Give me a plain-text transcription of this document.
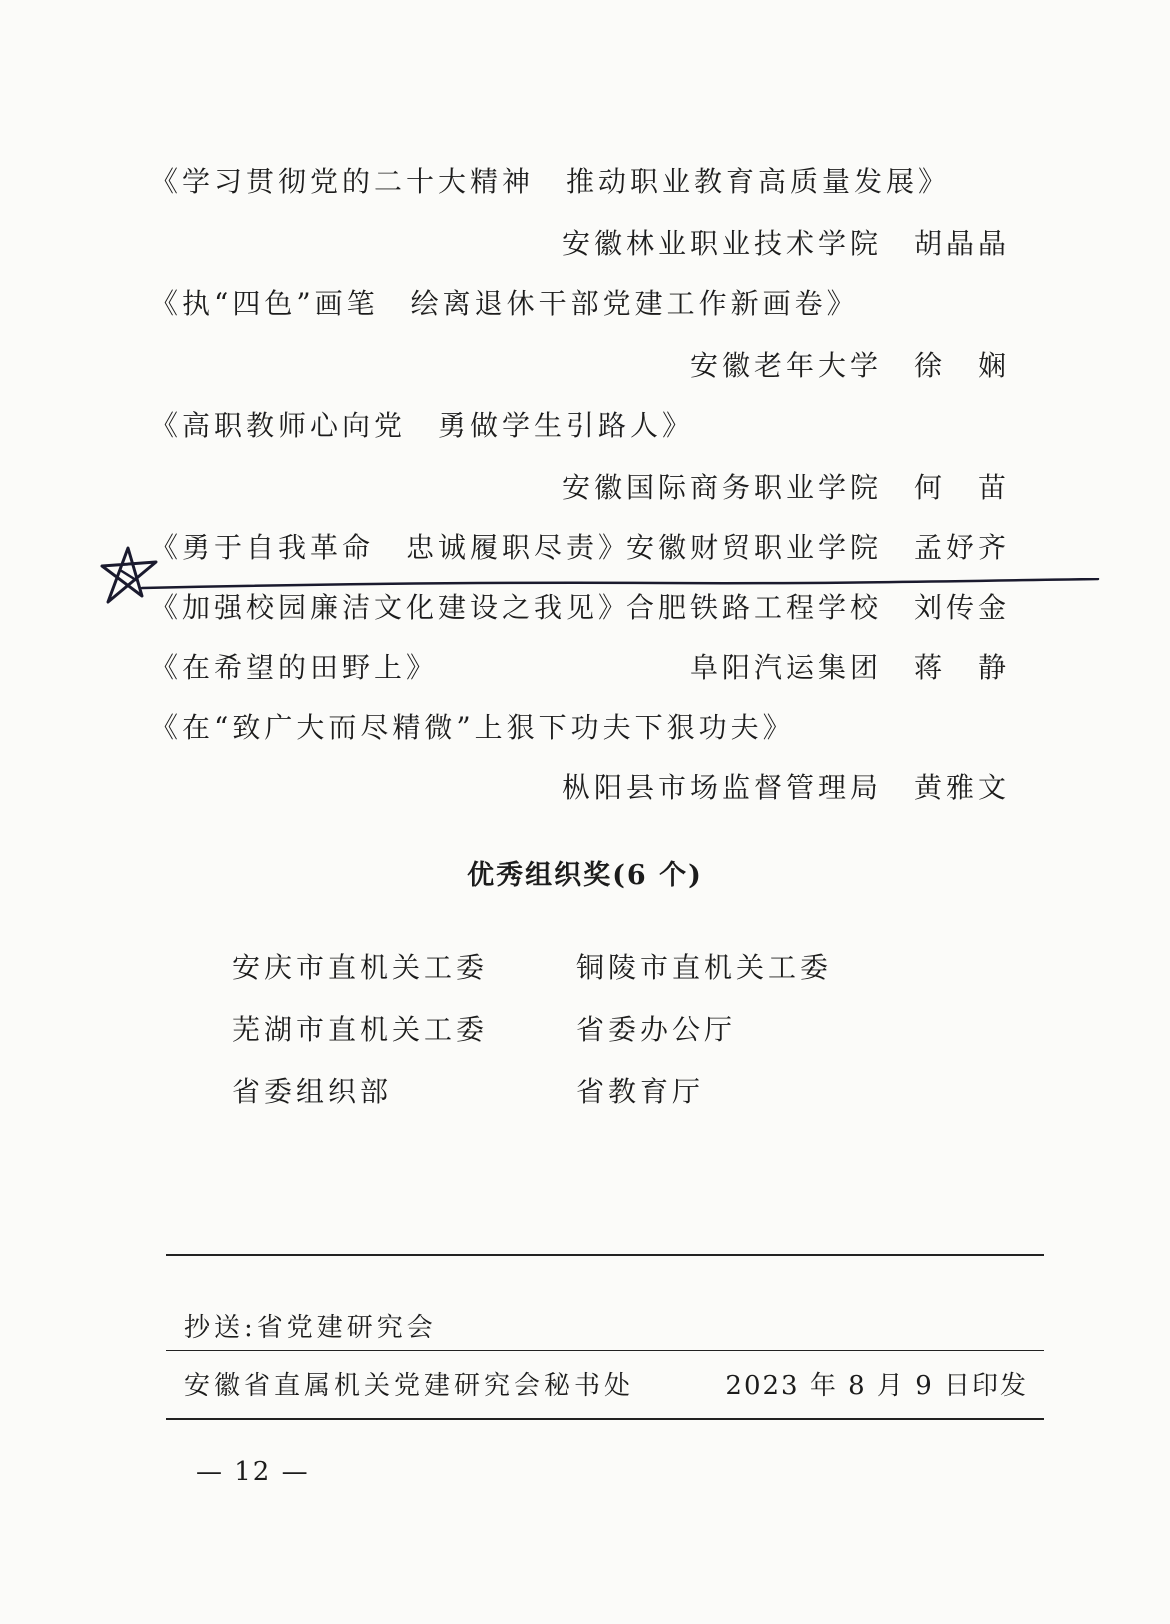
《学习贯彻党的二十大精神　推动职业教育高质量发展》
安徽林业职业技术学院 胡晶晶
《执“四色”画笔　绘离退休干部党建工作新画卷》
安徽老年大学 徐　娴
《高职教师心向党　勇做学生引路人》
安徽国际商务职业学院 何　苗
《勇于自我革命　忠诚履职尽责》
安徽财贸职业学院 孟妤齐
《加强校园廉洁文化建设之我见》
合肥铁路工程学校 刘传金
《在希望的田野上》	阜阳汽运集团 蒋　静
《在“致广大而尽精微”上狠下功夫下狠功夫》
枞阳县市场监督管理局 黄雅文
优秀组织奖(6 个)
安庆市直机关工委	铜陵市直机关工委
芜湖市直机关工委	省委办公厅
省委组织部	省教育厅
抄送:省党建研究会
安徽省直属机关党建研究会秘书处	2023 年 8 月 9 日印发
— 12 —
